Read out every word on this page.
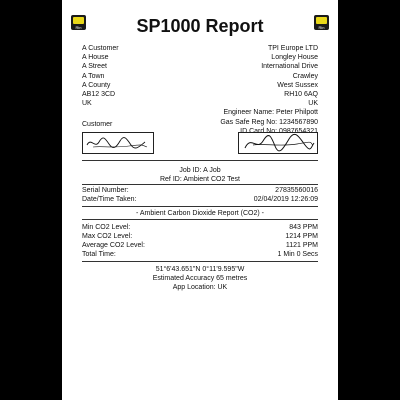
Rin	Rin
SP1000 Report
A Customer
A House
A Street
A Town
A County
AB12 3CD
UK
TPI Europe LTD
Longley House
International Drive
Crawley
West Sussex
RH10 6AQ
UK
Engineer Name: Peter Philpott
Gas Safe Reg No: 1234567890
ID Card No: 0987654321
Customer
Job ID: A Job
Ref ID: Ambient CO2 Test
Serial Number:	27835560016
Date/Time Taken:	02/04/2019 12:26:09
- Ambient Carbon Dioxide Report (CO2) -
Min CO2 Level:	843 PPM
Max CO2 Level:	1214 PPM
Average CO2 Level:	1121 PPM
Total Time:	1 Min 0 Secs
51°6'43.651"N 0°11'9.595"W
Estimated Accuracy 65 metres
App Location: UK
